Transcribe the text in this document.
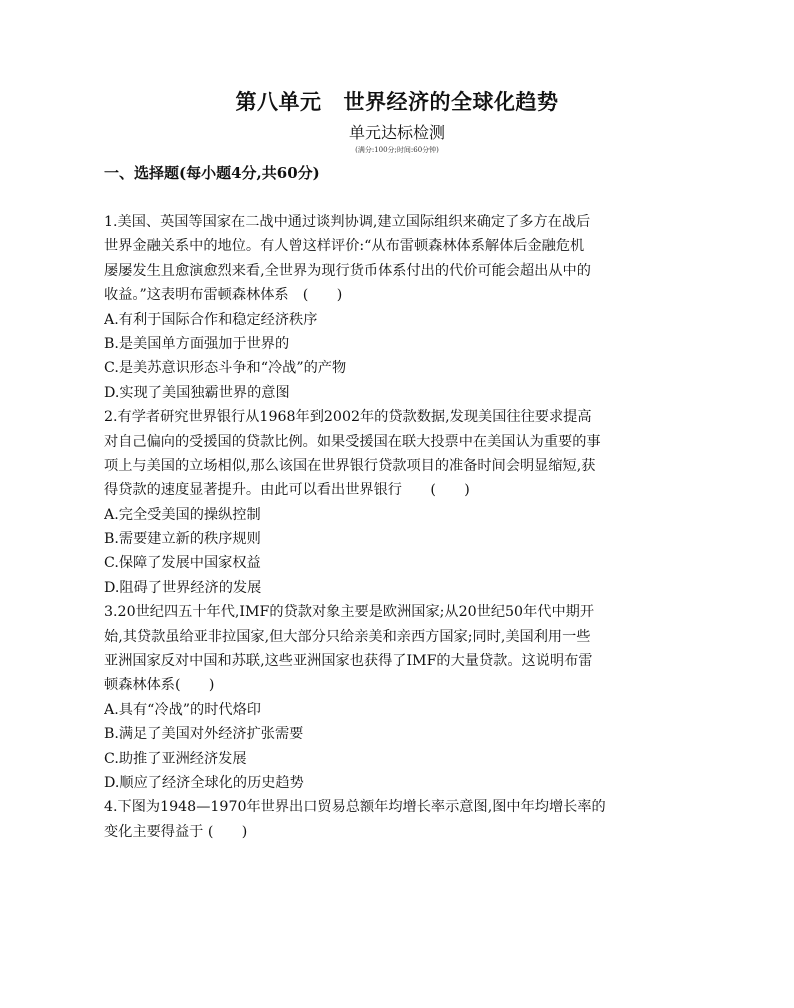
第八单元 世界经济的全球化趋势
单元达标检测
(满分:100分;时间:60分钟)
一、选择题(每小题4分,共60分)
1.美国、英国等国家在二战中通过谈判协调,建立国际组织来确定了多方在战后
世界金融关系中的地位。有人曾这样评价:“从布雷顿森林体系解体后金融危机
屡屡发生且愈演愈烈来看,全世界为现行货币体系付出的代价可能会超出从中的
收益。”这表明布雷顿森林体系　(　　)
A.有利于国际合作和稳定经济秩序
B.是美国单方面强加于世界的
C.是美苏意识形态斗争和“冷战”的产物
D.实现了美国独霸世界的意图
2.有学者研究世界银行从1968年到2002年的贷款数据,发现美国往往要求提高
对自己偏向的受援国的贷款比例。如果受援国在联大投票中在美国认为重要的事
项上与美国的立场相似,那么该国在世界银行贷款项目的准备时间会明显缩短,获
得贷款的速度显著提升。由此可以看出世界银行　　(　　)
A.完全受美国的操纵控制
B.需要建立新的秩序规则
C.保障了发展中国家权益
D.阻碍了世界经济的发展
3.20世纪四五十年代,IMF的贷款对象主要是欧洲国家;从20世纪50年代中期开
始,其贷款虽给亚非拉国家,但大部分只给亲美和亲西方国家;同时,美国利用一些
亚洲国家反对中国和苏联,这些亚洲国家也获得了IMF的大量贷款。这说明布雷
顿森林体系(　　)
A.具有“冷战”的时代烙印
B.满足了美国对外经济扩张需要
C.助推了亚洲经济发展
D.顺应了经济全球化的历史趋势
4.下图为1948—1970年世界出口贸易总额年均增长率示意图,图中年均增长率的
变化主要得益于 (　　)
